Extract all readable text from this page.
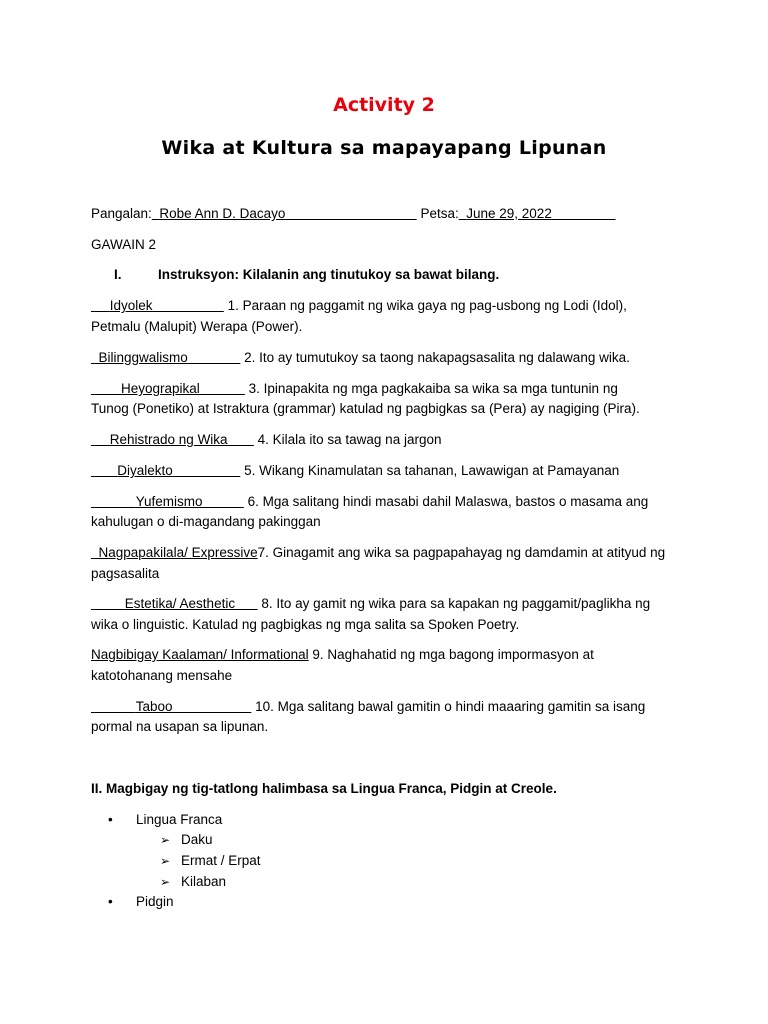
Activity 2
Wika at Kultura sa mapayapang Lipunan
Pangalan: Robe Ann D. Dacayo	Petsa: June 29, 2022
GAWAIN 2
I.	Instruksyon: Kilalanin ang tinutukoy sa bawat bilang.
Idyolek	1. Paraan ng paggamit ng wika gaya ng pag-usbong ng Lodi (Idol),
Petmalu (Malupit) Werapa (Power).
Bilinggwalismo	2. Ito ay tumutukoy sa taong nakapagsasalita ng dalawang wika.
Heyograpikal	3. Ipinapakita ng mga pagkakaiba sa wika sa mga tuntunin ng
Tunog (Ponetiko) at Istraktura (grammar) katulad ng pagbigkas sa (Pera) ay nagiging (Pira).
Rehistrado ng Wika 4. Kilala ito sa tawag na jargon
Diyalekto	5. Wikang Kinamulatan sa tahanan, Lawawigan at Pamayanan
Yufemismo	6. Mga salitang hindi masabi dahil Malaswa, bastos o masama ang
kahulugan o di-magandang pakinggan
Nagpapakilala/ Expressive7. Ginagamit ang wika sa pagpapahayag ng damdamin at atityud ng
pagsasalita
Estetika/ Aesthetic 8. Ito ay gamit ng wika para sa kapakan ng paggamit/paglikha ng
wika o linguistic. Katulad ng pagbigkas ng mga salita sa Spoken Poetry.
Nagbibigay Kaalaman/ Informational 9. Naghahatid ng mga bagong impormasyon at
katotohanang mensahe
Taboo	10. Mga salitang bawal gamitin o hindi maaaring gamitin sa isang
pormal na usapan sa lipunan.
II. Magbigay ng tig-tatlong halimbasa sa Lingua Franca, Pidgin at Creole.
• Lingua Franca
➢ Daku
➢ Ermat / Erpat
➢ Kilaban
• Pidgin
